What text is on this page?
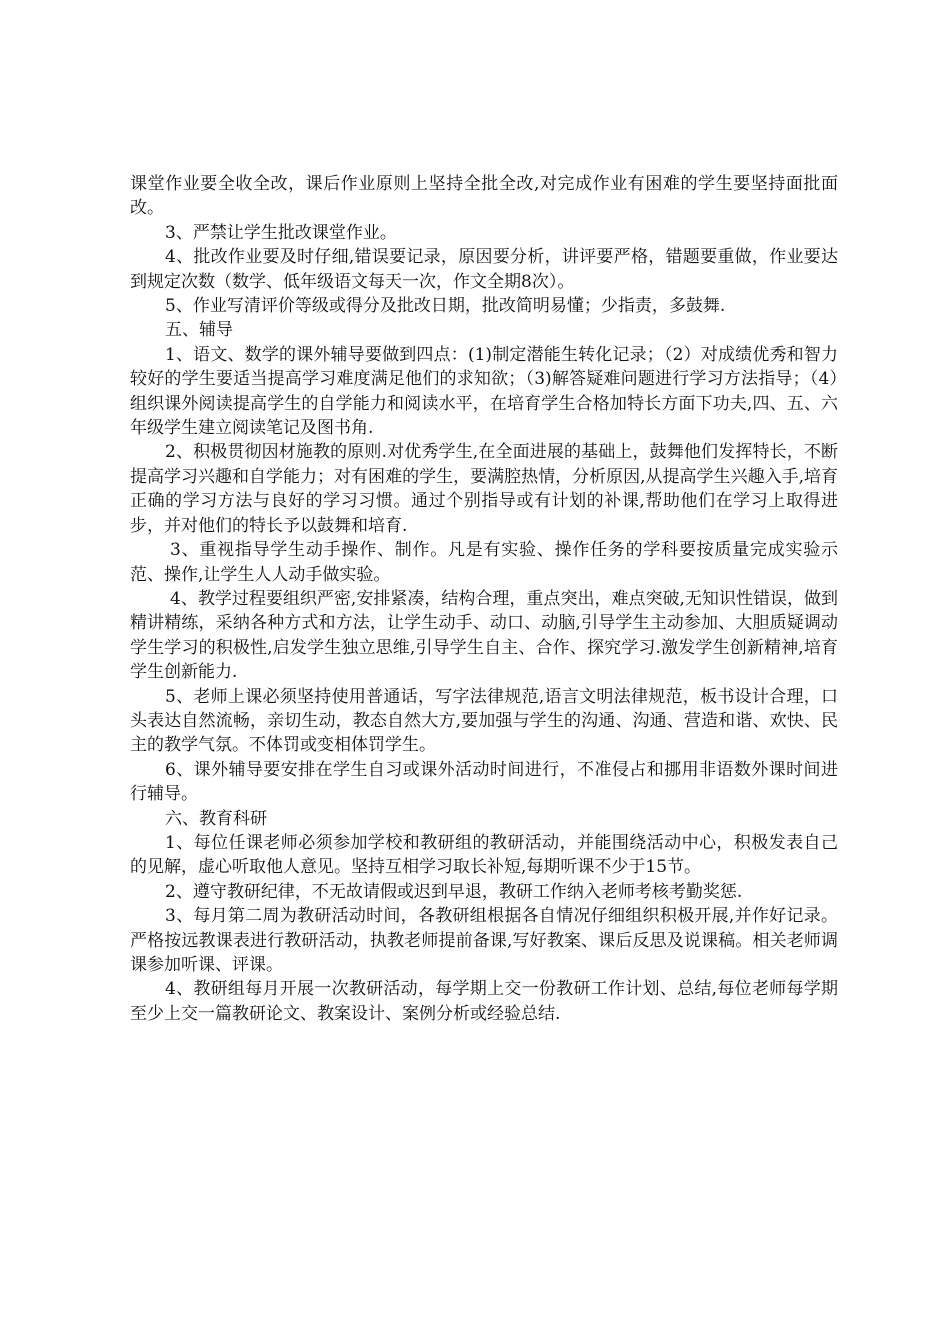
课堂作业要全收全改，课后作业原则上坚持全批全改,对完成作业有困难的学生要坚持面批面改。

3、严禁让学生批改课堂作业。

4、批改作业要及时仔细,错误要记录，原因要分析，讲评要严格，错题要重做，作业要达到规定次数（数学、低年级语文每天一次，作文全期8次）。

5、作业写清评价等级或得分及批改日期，批改简明易懂；少指责，多鼓舞.

五、辅导

1、语文、数学的课外辅导要做到四点：(1)制定潜能生转化记录；（2）对成绩优秀和智力较好的学生要适当提高学习难度满足他们的求知欲；（3)解答疑难问题进行学习方法指导；（4）组织课外阅读提高学生的自学能力和阅读水平，在培育学生合格加特长方面下功夫,四、五、六年级学生建立阅读笔记及图书角.

2、积极贯彻因材施教的原则.对优秀学生,在全面进展的基础上，鼓舞他们发挥特长，不断提高学习兴趣和自学能力；对有困难的学生，要满腔热情，分析原因,从提高学生兴趣入手,培育正确的学习方法与良好的学习习惯。通过个别指导或有计划的补课,帮助他们在学习上取得进步，并对他们的特长予以鼓舞和培育.

3、重视指导学生动手操作、制作。凡是有实验、操作任务的学科要按质量完成实验示范、操作,让学生人人动手做实验。

4、教学过程要组织严密,安排紧凑，结构合理，重点突出，难点突破,无知识性错误，做到精讲精练，采纳各种方式和方法，让学生动手、动口、动脑,引导学生主动参加、大胆质疑调动学生学习的积极性,启发学生独立思维,引导学生自主、合作、探究学习.激发学生创新精神,培育学生创新能力.

5、老师上课必须坚持使用普通话，写字法律规范,语言文明法律规范，板书设计合理，口头表达自然流畅，亲切生动，教态自然大方,要加强与学生的沟通、沟通、营造和谐、欢快、民主的教学气氛。不体罚或变相体罚学生。

6、课外辅导要安排在学生自习或课外活动时间进行，不准侵占和挪用非语数外课时间进行辅导。

六、教育科研

1、每位任课老师必须参加学校和教研组的教研活动，并能围绕活动中心，积极发表自己的见解，虚心听取他人意见。坚持互相学习取长补短,每期听课不少于15节。

2、遵守教研纪律，不无故请假或迟到早退，教研工作纳入老师考核考勤奖惩.

3、每月第二周为教研活动时间，各教研组根据各自情况仔细组织积极开展,并作好记录。严格按远教课表进行教研活动，执教老师提前备课,写好教案、课后反思及说课稿。相关老师调课参加听课、评课。

4、教研组每月开展一次教研活动，每学期上交一份教研工作计划、总结,每位老师每学期至少上交一篇教研论文、教案设计、案例分析或经验总结.
